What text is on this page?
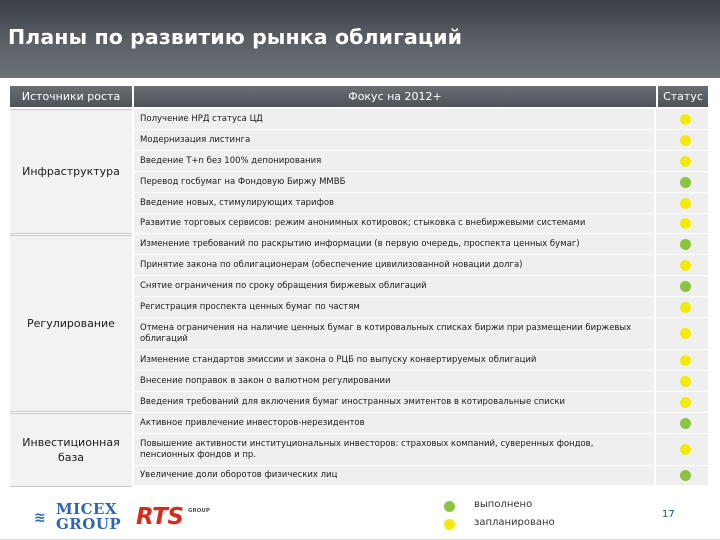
Планы по развитию рынка облигаций
Источники роста	Фокус на 2012+	Статус
Инфраструктура
Регулирование
Инвестиционная база
Получение НРД статуса ЦД
Модернизация листинга
Введение T+n без 100% депонирования
Перевод госбумаг на Фондовую Биржу ММВБ
Введение новых, стимулирующих тарифов
Развитие торговых сервисов: режим анонимных котировок; стыковка с внебиржевыми системами
Изменение требований по раскрытию информации (в первую очередь, проспекта ценных бумаг)
Принятие закона по облигационерам (обеспечение цивилизованной новации долга)
Снятие ограничения по сроку обращения биржевых облигаций
Регистрация проспекта ценных бумаг по частям
Отмена ограничения на наличие ценных бумаг в котировальных списках биржи при размещении биржевых облигаций
Изменение стандартов эмиссии и закона о РЦБ по выпуску конвертируемых облигаций
Внесение поправок в закон о валютном регулировании
Введения требований для включения бумаг иностранных эмитентов в котировальные списки
Активное привлечение инвесторов-нерезидентов
Повышение активности институциональных инвесторов: страховых компаний, суверенных фондов, пенсионных фондов и пр.
Увеличение доли оборотов физических лиц
≋ MICEX
GROUP RTS GROUP
выполнено
запланировано
17
